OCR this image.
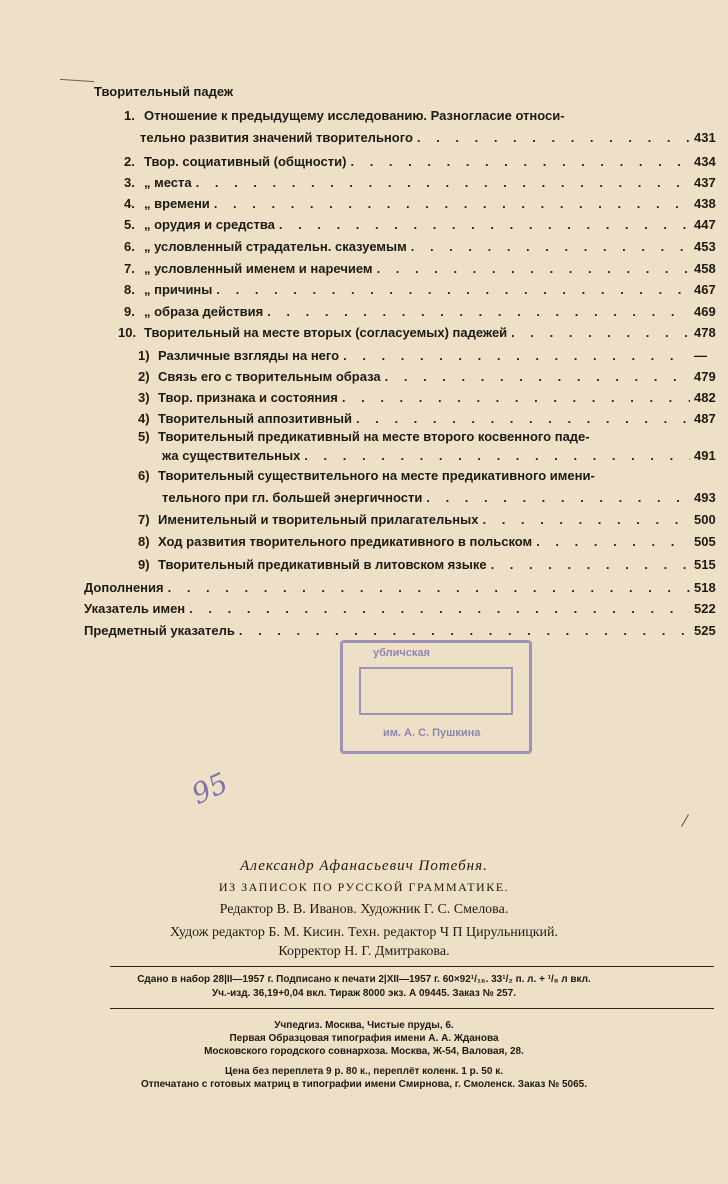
Творительный падеж
1. Отношение к предыдущему исследованию. Разногласие относи-
тельно развития значений творительного . . .	431
2. Твор. социативный (общности) . . .	434
3. „ места . . .	437
4. „ времени . . .	438
5. „ орудия и средства . . .	447
6. „ условленный страдательн. сказуемым . . .	453
7. „ условленный именем и наречием . . .	458
8. „ причины . . .	467
9. „ образа действия . . .	469
10. Творительный на месте вторых (согласуемых) падежей . . .	478
1) Различные взгляды на него . . .	—
2) Связь его с творительным образа . . .	479
3) Твор. признака и состояния . . .	482
4) Творительный аппозитивный . . .	487
5) Творительный предикативный на месте второго косвенного паде-
жа существительных . . .	491
6) Творительный существительного на месте предикативного имени-
тельного при гл. большей энергичности . . .	493
7) Именительный и творительный прилагательных . . .	500
8) Ход развития творительного предикативного в польском . . .	505
9) Творительный предикативный в литовском языке . . .	515
Дополнения . . .	518
Указатель имен . . .	522
Предметный указатель . . .	525
убличская
им. А. С. Пушкина
95
Александр Афанасьевич Потебня.
ИЗ ЗАПИСОК ПО РУССКОЙ ГРАММАТИКЕ.
Редактор В. В. Иванов. Художник Г. С. Смелова.
Худож редактор Б. М. Кисин. Техн. редактор Ч П Цирульницкий.
Корректор Н. Г. Дмитракова.
Сдано в набор 28|II—1957 г. Подписано к печати 2|XII—1957 г. 60×92¹/₁₆. 33¹/₂ п. л. + ¹/₈ л вкл.
Уч.-изд. 36,19+0,04 вкл. Тираж 8000 экз. А 09445. Заказ № 257.
Учпедгиз. Москва, Чистые пруды, 6.
Первая Образцовая типография имени А. А. Жданова
Московского городского совнархоза. Москва, Ж-54, Валовая, 28.
Цена без переплета 9 р. 80 к., переплёт коленк. 1 р. 50 к.
Отпечатано с готовых матриц в типографии имени Смирнова, г. Смоленск. Заказ № 5065.
